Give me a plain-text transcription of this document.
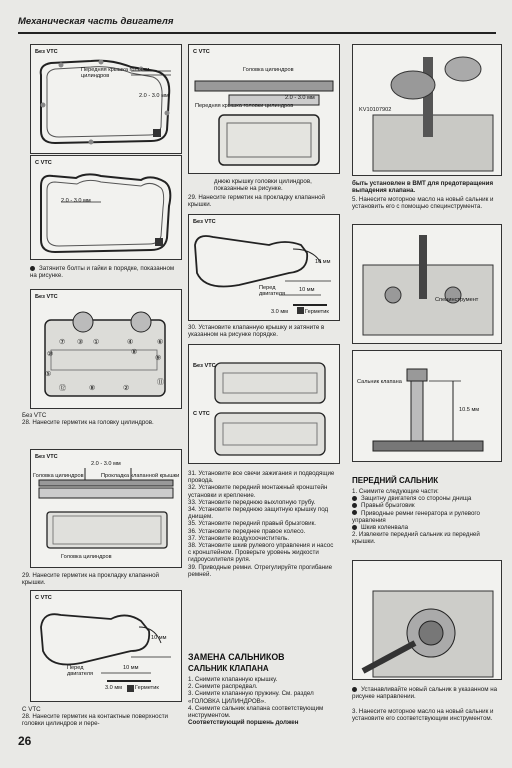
Механическая часть двигателя
Без VTC
Передняя крышка головки цилиндров
2.0 - 3.0 мм
С VTC
2.0 - 3.0 мм
Затяните болты и гайки в порядке, показанном на рисунке.
Без VTC
⑦ ③ ①	④	⑥
⑩
⑤
⑧
⑨
⑪
⑫	⑧	②
Без VTC
28. Нанесите герметик на головку цилиндров.
Без VTC
2.0 - 3.0 мм
Головка цилиндров	Прокладка клапанной крышки
Головка цилиндров
29. Нанесите герметик на прокладку клапанной крышки.
С VTC
10 мм
10 мм
Перед двигателя
3.0 мм Герметик
С VTC
28. Нанесите герметик на контактные поверхности головки цилиндров и пере-
26
С VTC
Головка цилиндров
2.0 - 3.0 мм
Передняя крышка головки цилиндров
днюю крышку головки цилиндров, показанные на рисунке.
29. Нанесите герметик на прокладку клапанной крышки.
Без VTC
10 мм
10 мм
Перед двигателя
3.0 мм	Герметик
30. Установите клапанную крышку и затяните в указанном на рисунке порядке.
Без VTC
С VTC
31. Установите все свечи зажигания и подводящие провода.
32. Установите передний монтажный кронштейн установки и крепление.
33. Установите переднюю выхлопную трубу.
34. Установите переднюю защитную крышку под днищем.
35. Установите передний правый брызговик.
36. Установите переднее правое колесо.
37. Установите воздухоочиститель.
38. Установите шкив рулевого управления и насос с кронштейном. Проверьте уровень жидкости гидроусилителя руля.
39. Приводные ремни. Отрегулируйте прогибание ремней.
ЗАМЕНА САЛЬНИКОВ
САЛЬНИК КЛАПАНА
1. Снимите клапанную крышку.
2. Снимите распредвал.
3. Снимите клапанную пружину. См. раздел «ГОЛОВКА ЦИЛИНДРОВ».
4. Снимите сальник клапана соответствующим инструментом.
Соответствующий поршень должен
KV10107902
быть установлен в ВМТ для предотвращения выпадения клапана.
5. Нанесите моторное масло на новый сальник и установить его с помощью специнструмента.
Специнструмент
Сальник клапана
10.5 мм
ПЕРЕДНИЙ САЛЬНИК
1. Снимите следующие части:
Защитну двигателя со стороны днища
Правый брызговик
Приводные ремни генератора и рулевого управления
Шкив коленвала
2. Извлеките передний сальник из передней крышки.
Устанавливайте новый сальник в указанном на рисунке направлении.
3. Нанесите моторное масло на новый сальник и установите его соответствующим инструментом.
